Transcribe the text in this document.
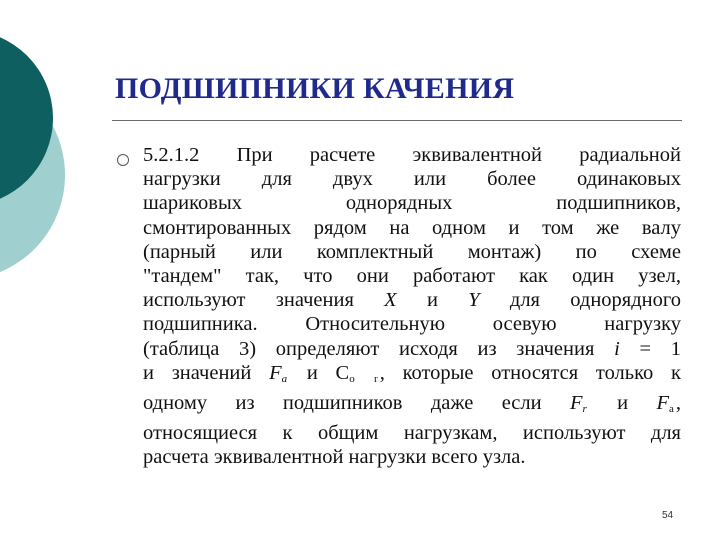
ПОДШИПНИКИ КАЧЕНИЯ
5.2.1.2 При расчете эквивалентной радиальной
нагрузки для двух или более одинаковых
шариковых однорядных подшипников,
смонтированных рядом на одном и том же валу
(парный или комплектный монтаж) по схеме
"тандем" так, что они работают как один узел,
используют значения X и Y для однорядного
подшипника. Относительную осевую нагрузку
(таблица 3) определяют исходя из значения i = 1
и значений $F_a$ и $С_{o r}$, которые относятся только к
одному из подшипников даже если $F_r$ и $F_a$,
относящиеся к общим нагрузкам, используют для
расчета эквивалентной нагрузки всего узла.
54
